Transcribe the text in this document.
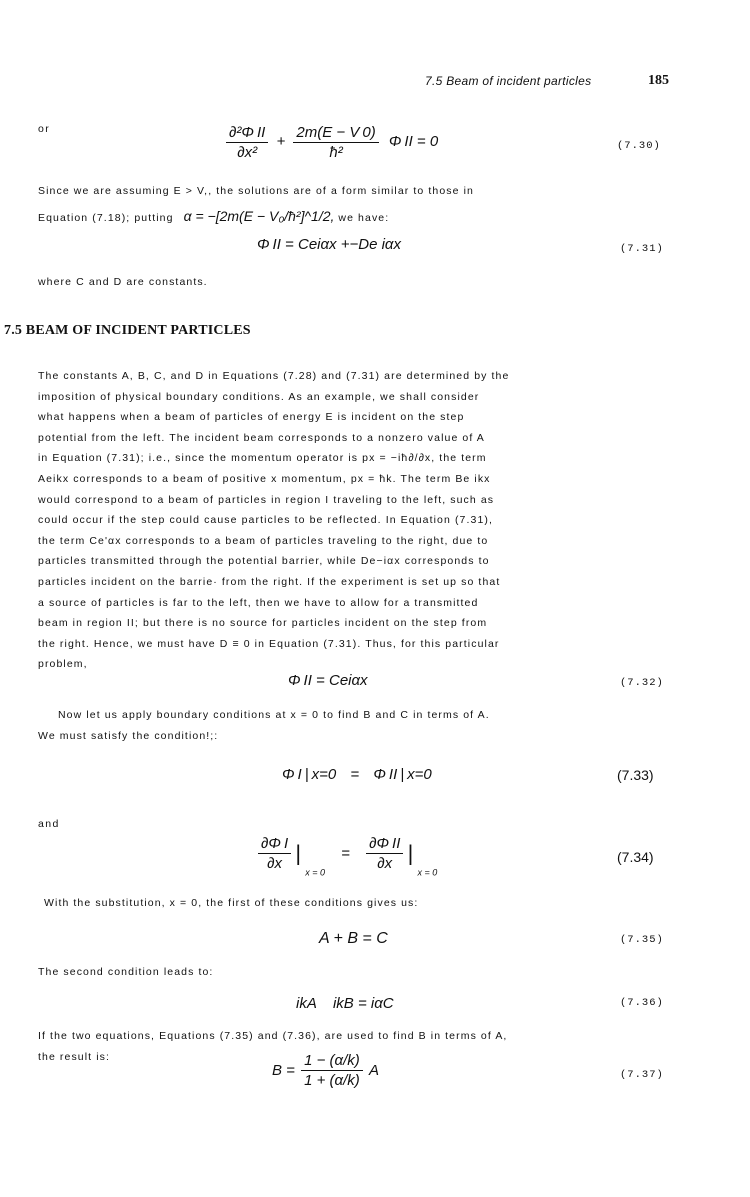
7.5 Beam of incident particles	185
or	$\frac{\text{∂²Φ II}}{\text{∂x²}} + \frac{2m(E - V 0)}{\text{ħ²}}$ Φ II = 0	(7.30)
Since we are assuming E > V,, the solutions are of a form similar to those in
Equation (7.18); putting α = −[2m(E − V₀/ħ²]^1/2, we have:
Φ II = Ceiαx +−De iαx	(7.31)
where C and D are constants.
7.5 BEAM OF INCIDENT PARTICLES
The constants A, B, C, and D in Equations (7.28) and (7.31) are determined by the
imposition of physical boundary conditions. As an example, we shall consider
what happens when a beam of particles of energy E is incident on the step
potential from the left. The incident beam corresponds to a nonzero value of A
in Equation (7.31); i.e., since the momentum operator is px = −iħ∂/∂x, the term
Aeikx corresponds to a beam of positive x momentum, px = ħk. The term Be ikx
would correspond to a beam of particles in region I traveling to the left, such as
could occur if the step could cause particles to be reflected. In Equation (7.31),
the term Ce'αx corresponds to a beam of particles traveling to the right, due to
particles transmitted through the potential barrier, while De−iαx corresponds to
particles incident on the barrie· from the right. If the experiment is set up so that
a source of particles is far to the left, then we have to allow for a transmitted
beam in region II; but there is no source for particles incident on the step from
the right. Hence, we must have D ≡ 0 in Equation (7.31). Thus, for this particular
problem,
Φ II = Ceiαx	(7.32)
Now let us apply boundary conditions at x = 0 to find B and C in terms of A.
We must satisfy the condition!;:
Φ I | x=0 = Φ II | x=0	(7.33)
and
$\frac{\text{∂Φ I}}{\partial x}$ | $_{x = 0} = \frac{\text{∂Φ II}}{\partial x}$ | $_{x = 0}$
(7.34)
With the substitution, x = 0, the first of these conditions gives us:
A + B = C	(7.35)
The second condition leads to:
ikA    ikB = iαC	(7.36)
If the two equations, Equations (7.35) and (7.36), are used to find B in terms of A,
the result is:
$B = \frac{1 - (\alpha/k)}{1 + (\alpha/k)}$ A	(7.37)
